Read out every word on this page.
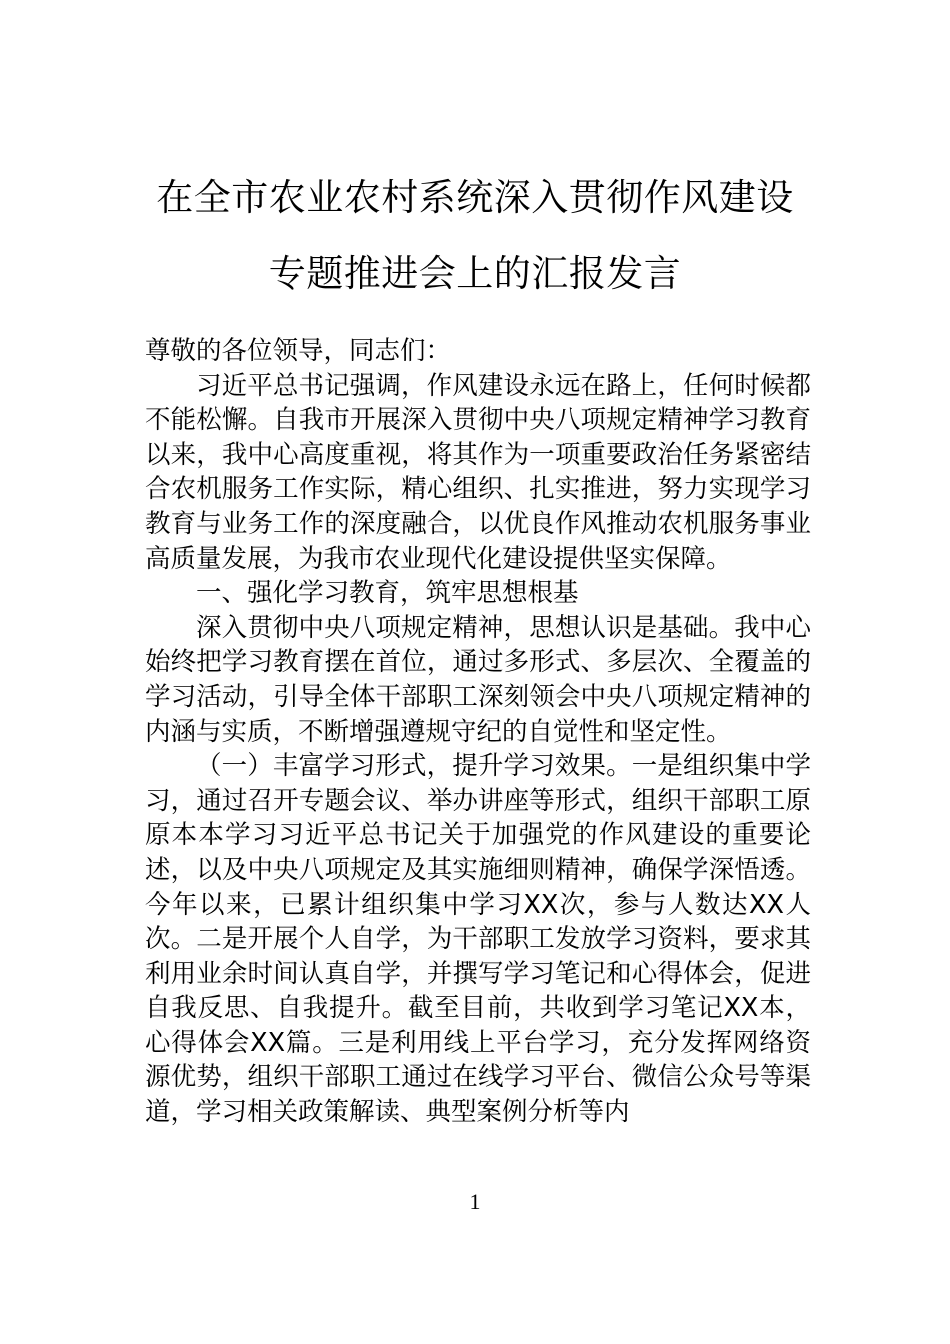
在全市农业农村系统深入贯彻作风建设专题推进会上的汇报发言

尊敬的各位领导，同志们：

习近平总书记强调，作风建设永远在路上，任何时候都不能松懈。自我市开展深入贯彻中央八项规定精神学习教育以来，我中心高度重视，将其作为一项重要政治任务紧密结合农机服务工作实际，精心组织、扎实推进，努力实现学习教育与业务工作的深度融合，以优良作风推动农机服务事业高质量发展，为我市农业现代化建设提供坚实保障。

一、强化学习教育，筑牢思想根基

深入贯彻中央八项规定精神，思想认识是基础。我中心始终把学习教育摆在首位，通过多形式、多层次、全覆盖的学习活动，引导全体干部职工深刻领会中央八项规定精神的内涵与实质，不断增强遵规守纪的自觉性和坚定性。

（一）丰富学习形式，提升学习效果。一是组织集中学习，通过召开专题会议、举办讲座等形式，组织干部职工原原本本学习习近平总书记关于加强党的作风建设的重要论述，以及中央八项规定及其实施细则精神，确保学深悟透。今年以来，已累计组织集中学习XX次，参与人数达XX人次。二是开展个人自学，为干部职工发放学习资料，要求其利用业余时间认真自学，并撰写学习笔记和心得体会，促进自我反思、自我提升。截至目前，共收到学习笔记XX本，心得体会XX篇。三是利用线上平台学习，充分发挥网络资源优势，组织干部职工通过在线学习平台、微信公众号等渠道，学习相关政策解读、典型案例分析等内

1
